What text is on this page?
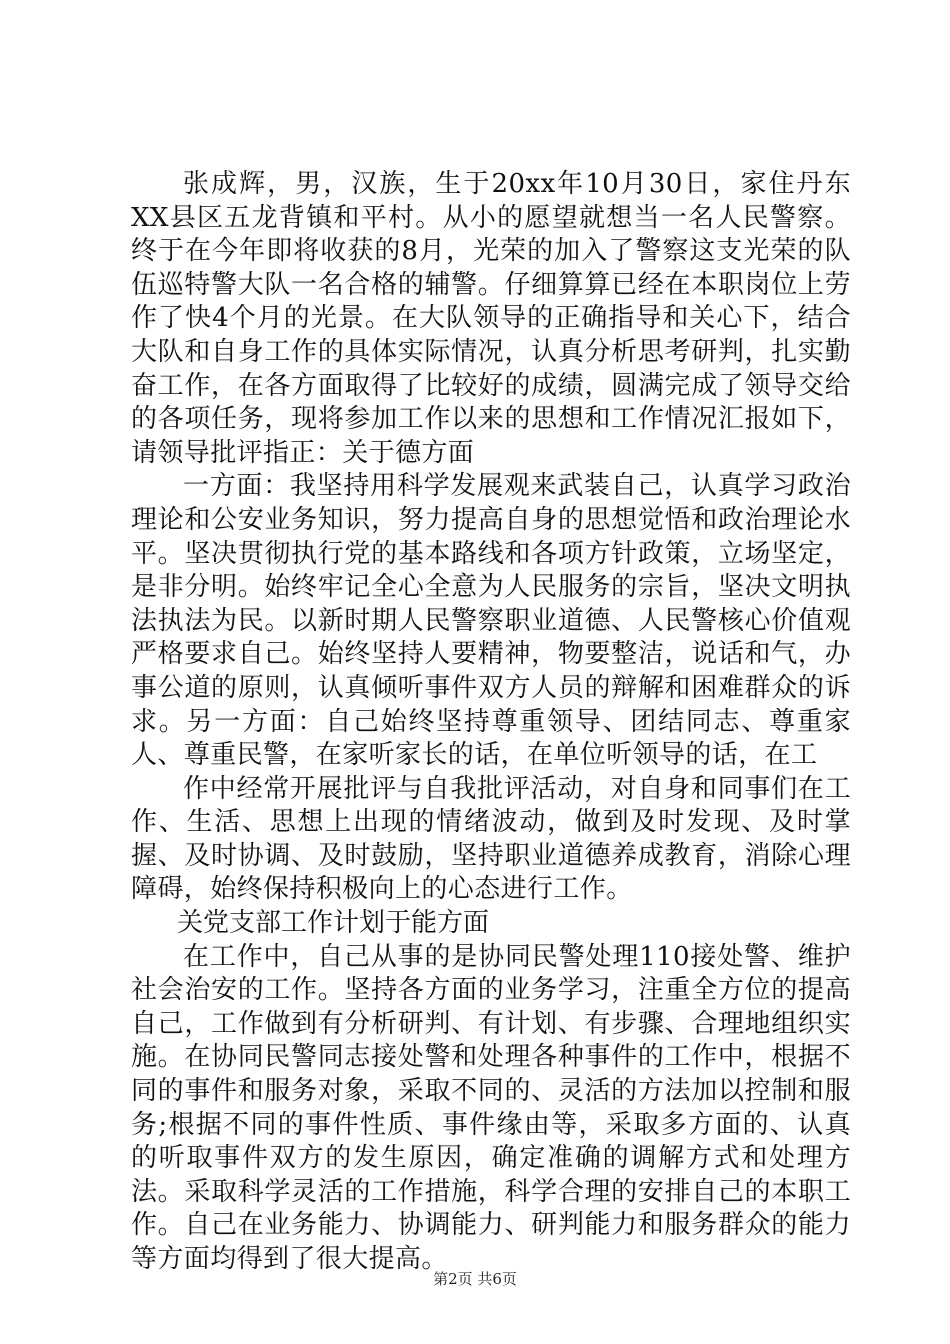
张成辉，男，汉族，生于20xx年10月30日，家住丹东XX县区五龙背镇和平村。从小的愿望就想当一名人民警察。终于在今年即将收获的8月，光荣的加入了警察这支光荣的队伍巡特警大队一名合格的辅警。仔细算算已经在本职岗位上劳作了快4个月的光景。在大队领导的正确指导和关心下，结合大队和自身工作的具体实际情况，认真分析思考研判，扎实勤奋工作，在各方面取得了比较好的成绩，圆满完成了领导交给的各项任务，现将参加工作以来的思想和工作情况汇报如下，请领导批评指正：关于德方面

一方面：我坚持用科学发展观来武装自己，认真学习政治理论和公安业务知识，努力提高自身的思想觉悟和政治理论水平。坚决贯彻执行党的基本路线和各项方针政策，立场坚定，是非分明。始终牢记全心全意为人民服务的宗旨，坚决文明执法执法为民。以新时期人民警察职业道德、人民警核心价值观严格要求自己。始终坚持人要精神，物要整洁，说话和气，办事公道的原则，认真倾听事件双方人员的辩解和困难群众的诉求。另一方面：自己始终坚持尊重领导、团结同志、尊重家人、尊重民警，在家听家长的话，在单位听领导的话，在工

作中经常开展批评与自我批评活动，对自身和同事们在工作、生活、思想上出现的情绪波动，做到及时发现、及时掌握、及时协调、及时鼓励，坚持职业道德养成教育，消除心理障碍，始终保持积极向上的心态进行工作。

关党支部工作计划于能方面

在工作中，自己从事的是协同民警处理110接处警、维护社会治安的工作。坚持各方面的业务学习，注重全方位的提高自己，工作做到有分析研判、有计划、有步骤、合理地组织实施。在协同民警同志接处警和处理各种事件的工作中，根据不同的事件和服务对象，采取不同的、灵活的方法加以控制和服务;根据不同的事件性质、事件缘由等，采取多方面的、认真的听取事件双方的发生原因，确定准确的调解方式和处理方法。采取科学灵活的工作措施，科学合理的安排自己的本职工作。自己在业务能力、协调能力、研判能力和服务群众的能力等方面均得到了很大提高。

第2页 共6页
